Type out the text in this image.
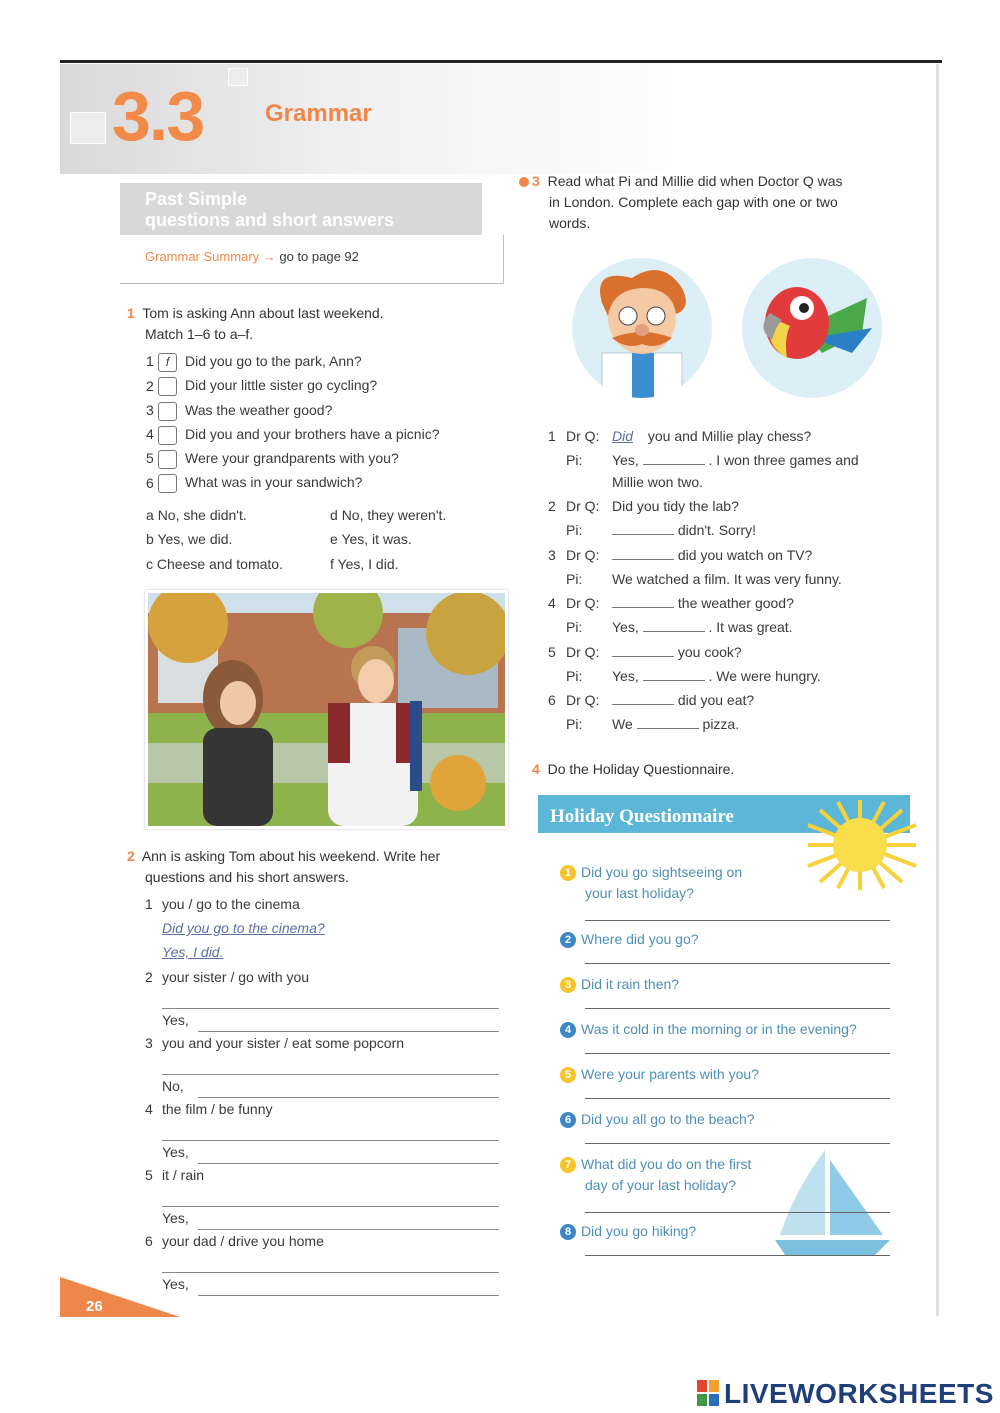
3.3	Grammar
Past Simple
questions and short answers
Grammar Summary → go to page 92
1 Tom is asking Ann about last weekend.
Match 1–6 to a–f.
1 f Did you go to the park, Ann?
2 Did your little sister go cycling?
3 Was the weather good?
4 Did you and your brothers have a picnic?
5 Were your grandparents with you?
6 What was in your sandwich?
a No, she didn't.	d No, they weren't.
b Yes, we did.	e Yes, it was.
c Cheese and tomato.	f Yes, I did.
2 Ann is asking Tom about his weekend. Write her
questions and his short answers.
1 you / go to the cinema
Did you go to the cinema?
Yes, I did.
2 your sister / go with you
Yes,
3 you and your sister / eat some popcorn
No,
4 the film / be funny
Yes,
5 it / rain
Yes,
6 your dad / drive you home
Yes,
3 Read what Pi and Millie did when Doctor Q was
in London. Complete each gap with one or two
words.
1 Dr Q: Did you and Millie play chess?
Pi: Yes,	. I won three games and
Millie won two.
2 Dr Q: Did you tidy the lab?
Pi:	didn't. Sorry!
3 Dr Q:	did you watch on TV?
Pi: We watched a film. It was very funny.
4 Dr Q:	the weather good?
Pi: Yes,	. It was great.
5 Dr Q:	you cook?
Pi: Yes,	. We were hungry.
6 Dr Q:	did you eat?
Pi: We	pizza.
4 Do the Holiday Questionnaire.
Holiday Questionnaire
1 Did you go sightseeing on
your last holiday?
2 Where did you go?
3 Did it rain then?
4 Was it cold in the morning or in the evening?
5 Were your parents with you?
6 Did you all go to the beach?
7 What did you do on the first
day of your last holiday?
8 Did you go hiking?
26
LIVEWORKSHEETS
